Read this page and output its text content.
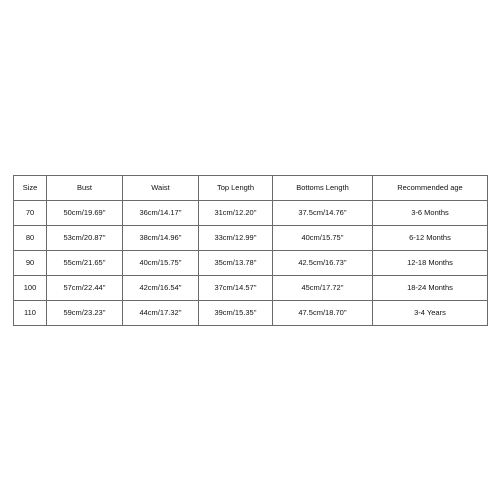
Size	Bust	Waist	Top Length	Bottoms Length	Recommended age
70	50cm/19.69''	36cm/14.17''	31cm/12.20''	37.5cm/14.76''	3-6 Months
80	53cm/20.87''	38cm/14.96''	33cm/12.99''	40cm/15.75''	6-12 Months
90	55cm/21.65''	40cm/15.75''	35cm/13.78''	42.5cm/16.73''	12-18 Months
100	57cm/22.44''	42cm/16.54''	37cm/14.57''	45cm/17.72''	18-24 Months
110	59cm/23.23''	44cm/17.32''	39cm/15.35''	47.5cm/18.70''	3-4 Years
